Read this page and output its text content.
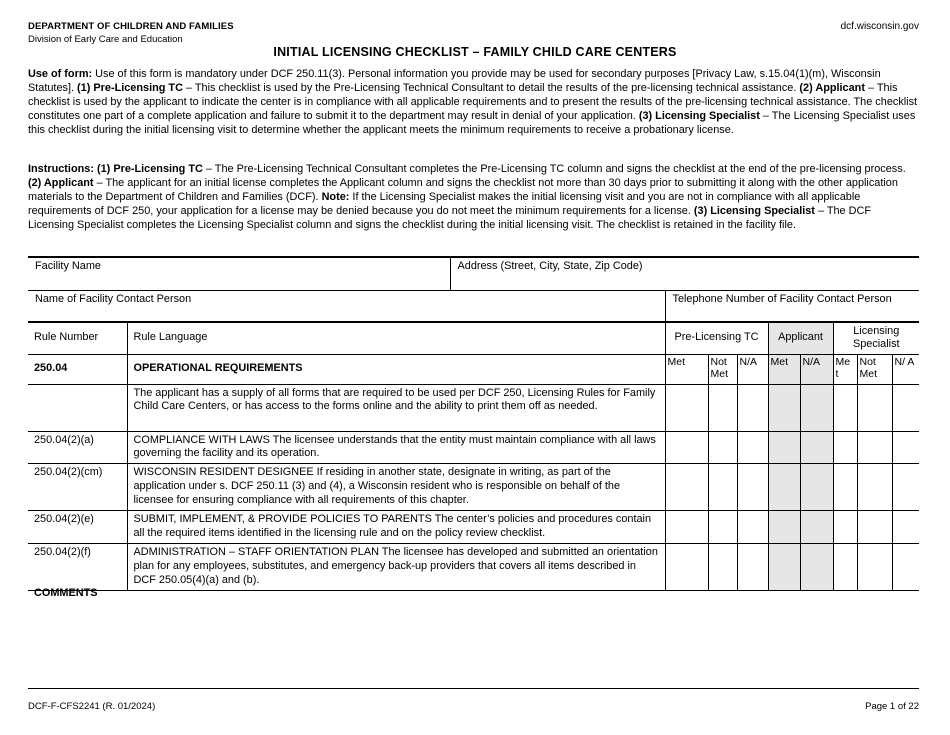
DEPARTMENT OF CHILDREN AND FAMILIES
Division of Early Care and Education
dcf.wisconsin.gov
INITIAL LICENSING CHECKLIST – FAMILY CHILD CARE CENTERS
Use of form: Use of this form is mandatory under DCF 250.11(3). Personal information you provide may be used for secondary purposes [Privacy Law, s.15.04(1)(m), Wisconsin Statutes]. (1) Pre-Licensing TC – This checklist is used by the Pre-Licensing Technical Consultant to detail the results of the pre-licensing technical assistance. (2) Applicant – This checklist is used by the applicant to indicate the center is in compliance with all applicable requirements and to present the results of the pre-licensing technical assistance. The checklist constitutes one part of a complete application and failure to submit it to the department may result in denial of your application. (3) Licensing Specialist – The Licensing Specialist uses this checklist during the initial licensing visit to determine whether the applicant meets the minimum requirements to receive a probationary license.
Instructions: (1) Pre-Licensing TC – The Pre-Licensing Technical Consultant completes the Pre-Licensing TC column and signs the checklist at the end of the pre-licensing process. (2) Applicant – The applicant for an initial license completes the Applicant column and signs the checklist not more than 30 days prior to submitting it along with the other application materials to the Department of Children and Families (DCF). Note: If the Licensing Specialist makes the initial licensing visit and you are not in compliance with all applicable requirements of DCF 250, your application for a license may be denied because you do not meet the minimum requirements for a license. (3) Licensing Specialist – The DCF Licensing Specialist completes the Licensing Specialist column and signs the checklist during the initial licensing visit. The checklist is retained in the facility file.
Facility Name	Address (Street, City, State, Zip Code)	
Name of Facility Contact Person		Telephone Number of Facility Contact Person
Rule Number	Rule Language	Pre-Licensing TC			Applicant		Licensing Specialist		
250.04	OPERATIONAL REQUIREMENTS	Met	Not Met	N/A	Met	N/A	Me t	Not Met	N/ A
	The applicant has a supply of all forms that are required to be used per DCF 250, Licensing Rules for Family Child Care Centers, or has access to the forms online and the ability to print them off as needed.								
250.04(2)(a)	COMPLIANCE WITH LAWS The licensee understands that the entity must maintain compliance with all laws governing the facility and its operation.								
250.04(2)(cm)	WISCONSIN RESIDENT DESIGNEE If residing in another state, designate in writing, as part of the application under s. DCF 250.11 (3) and (4), a Wisconsin resident who is responsible on behalf of the licensee for ensuring compliance with all requirements of this chapter.								
250.04(2)(e)	SUBMIT, IMPLEMENT, & PROVIDE POLICIES TO PARENTS The center’s policies and procedures contain all the required items identified in the licensing rule and on the policy review checklist.								
250.04(2)(f)	ADMINISTRATION – STAFF ORIENTATION PLAN The licensee has developed and submitted an orientation plan for any employees, substitutes, and emergency back-up providers that covers all items described in DCF 250.05(4)(a) and (b).								
COMMENTS
DCF-F-CFS2241 (R. 01/2024)	Page 1 of 22
